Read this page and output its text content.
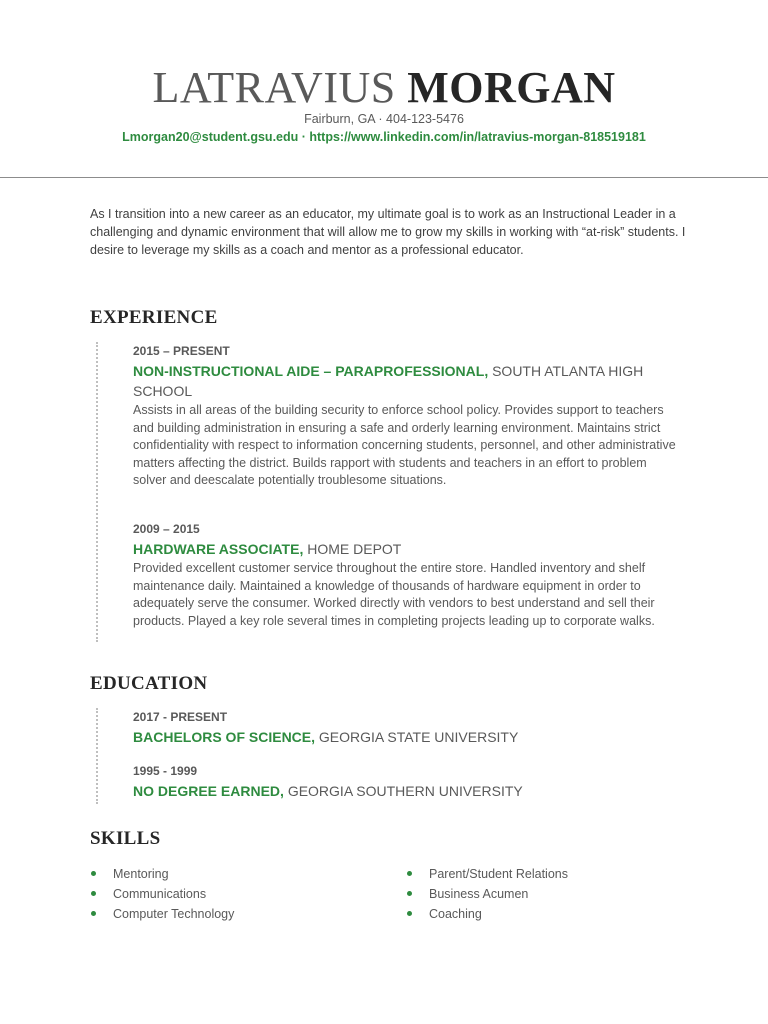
LATRAVIUS MORGAN
Fairburn, GA · 404-123-5476
Lmorgan20@student.gsu.edu · https://www.linkedin.com/in/latravius-morgan-818519181
As I transition into a new career as an educator, my ultimate goal is to work as an Instructional Leader in a challenging and dynamic environment that will allow me to grow my skills in working with “at-risk” students. I desire to leverage my skills as a coach and mentor as a professional educator.
EXPERIENCE
2015 – PRESENT
NON-INSTRUCTIONAL AIDE – PARAPROFESSIONAL, SOUTH ATLANTA HIGH SCHOOL
Assists in all areas of the building security to enforce school policy. Provides support to teachers and building administration in ensuring a safe and orderly learning environment. Maintains strict confidentiality with respect to information concerning students, personnel, and other administrative matters affecting the district. Builds rapport with students and teachers in an effort to problem solver and deescalate potentially troublesome situations.
2009 – 2015
HARDWARE ASSOCIATE, HOME DEPOT
Provided excellent customer service throughout the entire store. Handled inventory and shelf maintenance daily. Maintained a knowledge of thousands of hardware equipment in order to adequately serve the consumer. Worked directly with vendors to best understand and sell their products. Played a key role several times in completing projects leading up to corporate walks.
EDUCATION
2017 - PRESENT
BACHELORS OF SCIENCE, GEORGIA STATE UNIVERSITY
1995 - 1999
NO DEGREE EARNED, GEORGIA SOUTHERN UNIVERSITY
SKILLS
Mentoring
Communications
Computer Technology
Parent/Student Relations
Business Acumen
Coaching
